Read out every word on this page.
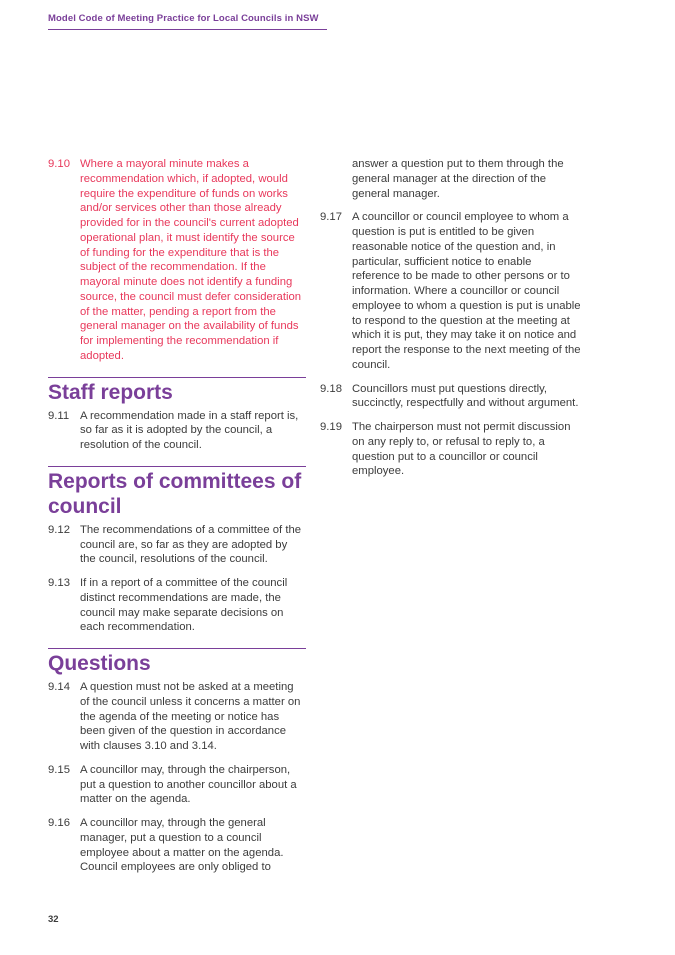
Model Code of Meeting Practice for Local Councils in NSW
9.10 Where a mayoral minute makes a recommendation which, if adopted, would require the expenditure of funds on works and/or services other than those already provided for in the council's current adopted operational plan, it must identify the source of funding for the expenditure that is the subject of the recommendation. If the mayoral minute does not identify a funding source, the council must defer consideration of the matter, pending a report from the general manager on the availability of funds for implementing the recommendation if adopted.
Staff reports
9.11 A recommendation made in a staff report is, so far as it is adopted by the council, a resolution of the council.
Reports of committees of council
9.12 The recommendations of a committee of the council are, so far as they are adopted by the council, resolutions of the council.
9.13 If in a report of a committee of the council distinct recommendations are made, the council may make separate decisions on each recommendation.
Questions
9.14 A question must not be asked at a meeting of the council unless it concerns a matter on the agenda of the meeting or notice has been given of the question in accordance with clauses 3.10 and 3.14.
9.15 A councillor may, through the chairperson, put a question to another councillor about a matter on the agenda.
9.16 A councillor may, through the general manager, put a question to a council employee about a matter on the agenda. Council employees are only obliged to
answer a question put to them through the general manager at the direction of the general manager.
9.17 A councillor or council employee to whom a question is put is entitled to be given reasonable notice of the question and, in particular, sufficient notice to enable reference to be made to other persons or to information. Where a councillor or council employee to whom a question is put is unable to respond to the question at the meeting at which it is put, they may take it on notice and report the response to the next meeting of the council.
9.18 Councillors must put questions directly, succinctly, respectfully and without argument.
9.19 The chairperson must not permit discussion on any reply to, or refusal to reply to, a question put to a councillor or council employee.
32
